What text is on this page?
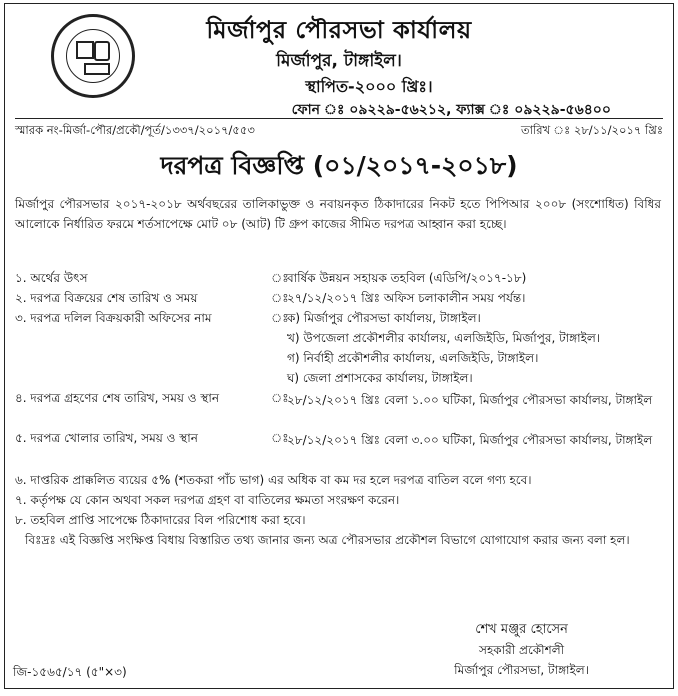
মির্জাপুর পৌরসভা কার্যালয়
মির্জাপুর, টাঙ্গাইল।
স্থাপিত-২০০০ খ্রিঃ।
ফোন ঃ ০৯২২৯-৫৬২১২, ফ্যাক্স ঃ ০৯২২৯-৫৬৪০০
স্মারক নং-মির্জা-পৌর/প্রকৌ/পূর্ত/১৩৩৭/২০১৭/৫৫৩	তারিখ ঃ ২৮/১১/২০১৭ খ্রিঃ
দরপত্র বিজ্ঞপ্তি (০১/২০১৭-২০১৮)
মির্জাপুর পৌরসভার ২০১৭-২০১৮ অর্থবছরের তালিকাভুক্ত ও নবায়নকৃত ঠিকাদারের নিকট হতে পিপিআর ২০০৮ (সংশোধিত) বিধির আলোকে নির্ধারিত ফরমে শর্তসাপেক্ষে মোট ০৮ (আট) টি গ্রুপ কাজের সীমিত দরপত্র আহ্বান করা হচ্ছে।
১. অর্থের উৎস	ঃ
বার্ষিক উন্নয়ন সহায়ক তহবিল (এডিপি/২০১৭-১৮)
২. দরপত্র বিক্রয়ের শেষ তারিখ ও সময়	ঃ
২৭/১২/২০১৭ খ্রিঃ অফিস চলাকালীন সময় পর্যন্ত।
৩. দরপত্র দলিল বিক্রয়কারী অফিসের নাম	ঃ
ক) মির্জাপুর পৌরসভা কার্যালয়, টাঙ্গাইল।
খ) উপজেলা প্রকৌশলীর কার্যালয়, এলজিইডি, মির্জাপুর, টাঙ্গাইল।
গ) নির্বাহী প্রকৌশলীর কার্যালয়, এলজিইডি, টাঙ্গাইল।
ঘ) জেলা প্রশাসকের কার্যালয়, টাঙ্গাইল।
৪. দরপত্র গ্রহণের শেষ তারিখ, সময় ও স্থান	ঃ
২৮/১২/২০১৭ খ্রিঃ বেলা ১.০০ ঘটিকা, মির্জাপুর পৌরসভা কার্যালয়, টাঙ্গাইল
৫. দরপত্র খোলার তারিখ, সময় ও স্থান	ঃ
২৮/১২/২০১৭ খ্রিঃ বেলা ৩.০০ ঘটিকা, মির্জাপুর পৌরসভা কার্যালয়, টাঙ্গাইল
৬. দাপ্তরিক প্রাক্কলিত ব্যয়ের ৫% (শতকরা পাঁচ ভাগ) এর অধিক বা কম দর হলে দরপত্র বাতিল বলে গণ্য হবে।
৭. কর্তৃপক্ষ যে কোন অথবা সকল দরপত্র গ্রহণ বা বাতিলের ক্ষমতা সংরক্ষণ করেন।
৮. তহবিল প্রাপ্তি সাপেক্ষে ঠিকাদারের বিল পরিশোধ করা হবে।
বিঃদ্রঃ এই বিজ্ঞপ্তি সংক্ষিপ্ত বিধায় বিস্তারিত তথ্য জানার জন্য অত্র পৌরসভার প্রকৌশল বিভাগে যোগাযোগ করার জন্য বলা হল।
শেখ মঞ্জুর হোসেন
সহকারী প্রকৌশলী
মির্জাপুর পৌরসভা, টাঙ্গাইল।
জি-১৫৬৫/১৭ (৫"×৩)
